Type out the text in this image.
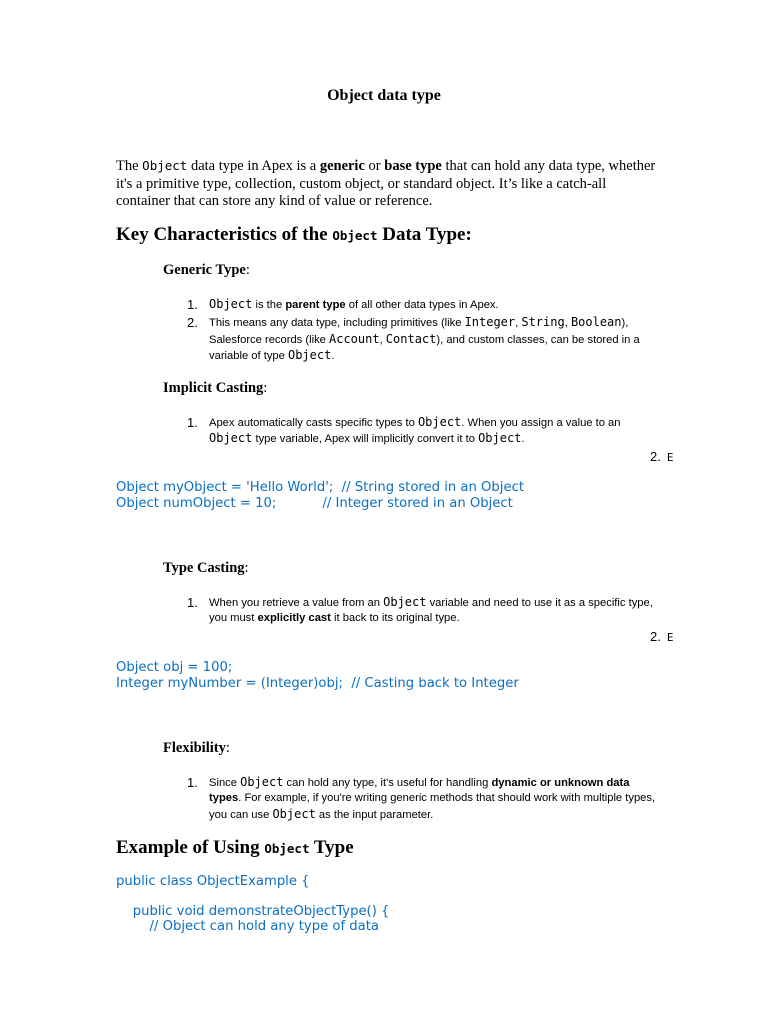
Object data type
The Object data type in Apex is a generic or base type that can hold any data type, whether it's a primitive type, collection, custom object, or standard object. It’s like a catch-all container that can store any kind of value or reference.
Key Characteristics of the Object Data Type:
Generic Type:
1. Object is the parent type of all other data types in Apex.
2. This means any data type, including primitives (like Integer, String, Boolean), Salesforce records (like Account, Contact), and custom classes, can be stored in a variable of type Object.
Implicit Casting:
1. Apex automatically casts specific types to Object. When you assign a value to an Object type variable, Apex will implicitly convert it to Object.
2. E
Object myObject = 'Hello World';  // String stored in an Object
Object numObject = 10;           // Integer stored in an Object
Type Casting:
1. When you retrieve a value from an Object variable and need to use it as a specific type, you must explicitly cast it back to its original type.
2. E
Object obj = 100;
Integer myNumber = (Integer)obj;  // Casting back to Integer
Flexibility:
1. Since Object can hold any type, it's useful for handling dynamic or unknown data types. For example, if you're writing generic methods that should work with multiple types, you can use Object as the input parameter.
Example of Using Object Type
public class ObjectExample {
public void demonstrateObjectType() {
// Object can hold any type of data
